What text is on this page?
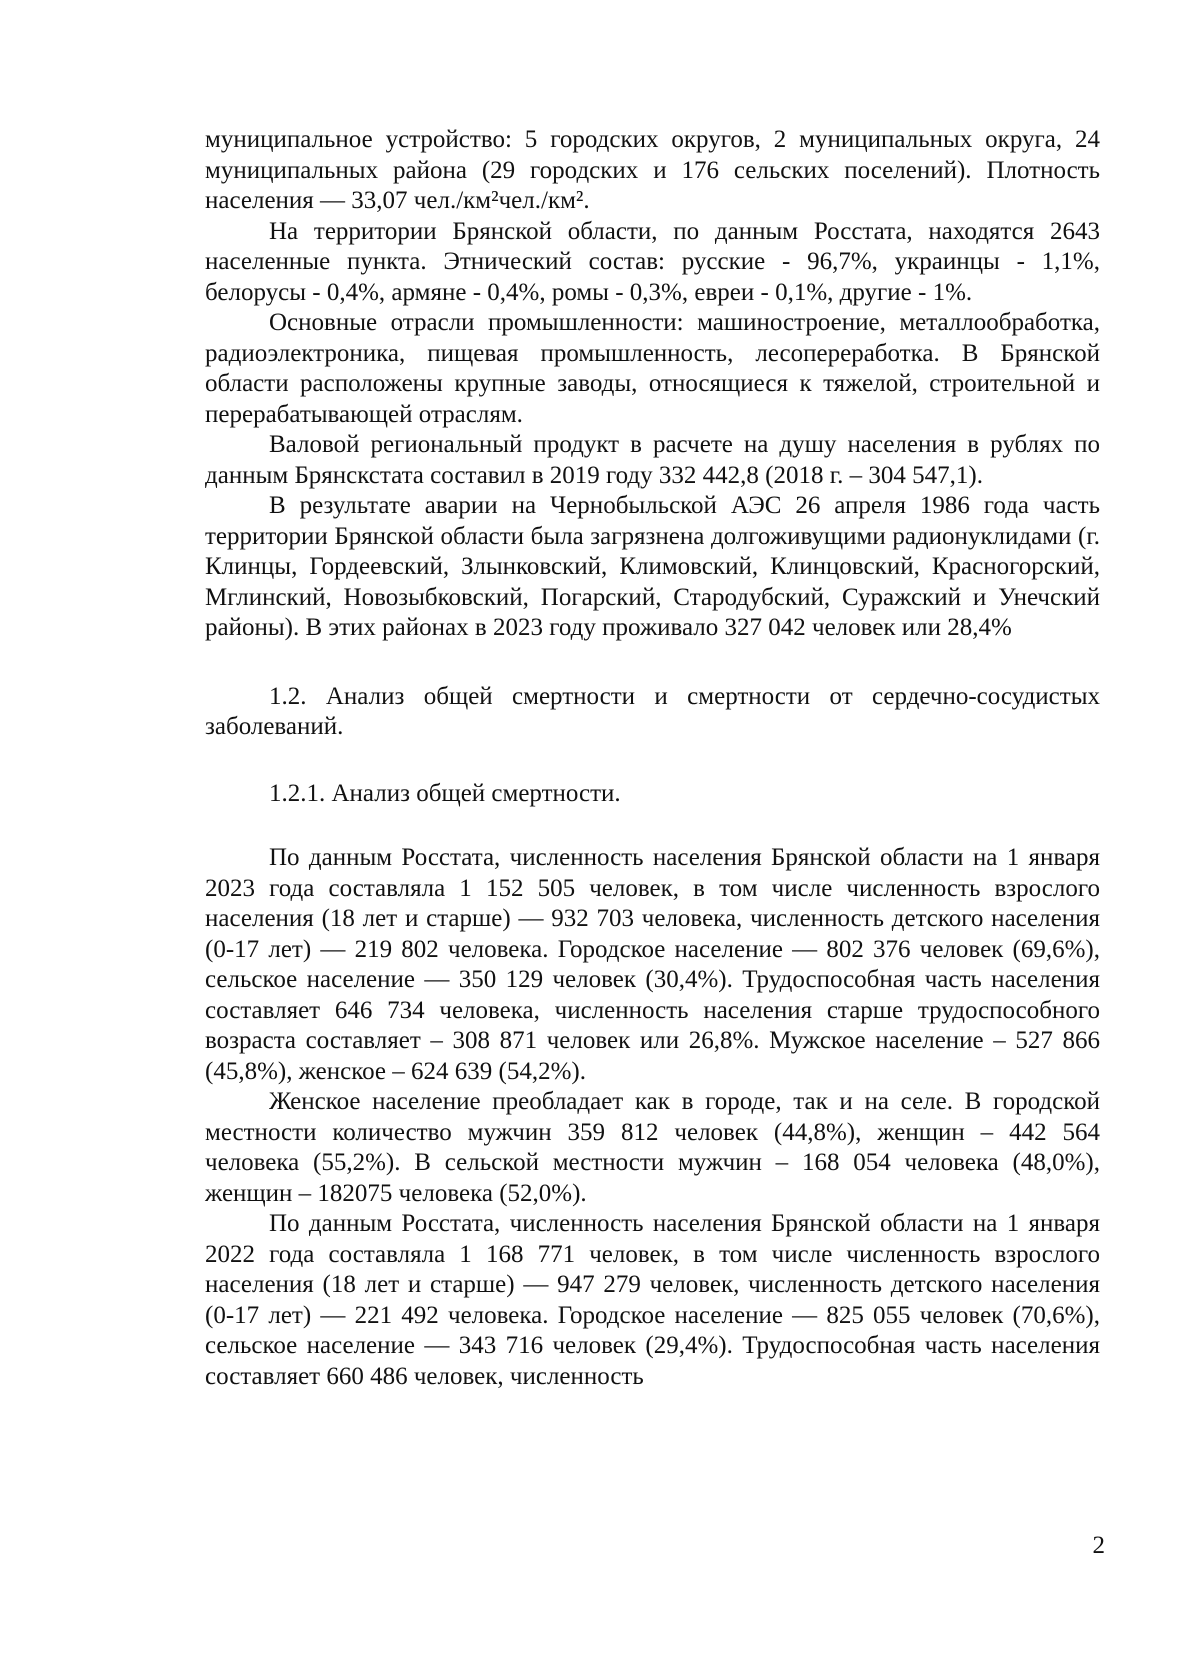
муниципальное устройство: 5 городских округов, 2 муниципальных округа, 24 муниципальных района (29 городских и 176 сельских поселений). Плотность населения — 33,07 чел./км²чел./км².

На территории Брянской области, по данным Росстата, находятся 2643 населенные пункта. Этнический состав: русские - 96,7%, украинцы - 1,1%, белорусы - 0,4%, армяне - 0,4%, ромы - 0,3%, евреи - 0,1%, другие - 1%.

Основные отрасли промышленности: машиностроение, металлообработка, радиоэлектроника, пищевая промышленность, лесопереработка. В Брянской области расположены крупные заводы, относящиеся к тяжелой, строительной и перерабатывающей отраслям.

Валовой региональный продукт в расчете на душу населения в рублях по данным Брянскстата составил в 2019 году 332 442,8 (2018 г. – 304 547,1).

В результате аварии на Чернобыльской АЭС 26 апреля 1986 года часть территории Брянской области была загрязнена долгоживущими радионуклидами (г. Клинцы, Гордеевский, Злынковский, Климовский, Клинцовский, Красногорский, Мглинский, Новозыбковский, Погарский, Стародубский, Суражский и Унечский районы). В этих районах в 2023 году проживало 327 042 человек или 28,4%

1.2. Анализ общей смертности и смертности от сердечно-сосудистых заболеваний.

1.2.1. Анализ общей смертности.

По данным Росстата, численность населения Брянской области на 1 января 2023 года составляла 1 152 505 человек, в том числе численность взрослого населения (18 лет и старше) — 932 703 человека, численность детского населения (0-17 лет) — 219 802 человека. Городское население — 802 376 человек (69,6%), сельское население — 350 129 человек (30,4%). Трудоспособная часть населения составляет 646 734 человека, численность населения старше трудоспособного возраста составляет – 308 871 человек или 26,8%. Мужское население – 527 866 (45,8%), женское – 624 639 (54,2%).

Женское население преобладает как в городе, так и на селе. В городской местности количество мужчин 359 812 человек (44,8%), женщин – 442 564 человека (55,2%). В сельской местности мужчин – 168 054 человека (48,0%), женщин – 182075 человека (52,0%).

По данным Росстата, численность населения Брянской области на 1 января 2022 года составляла 1 168 771 человек, в том числе численность взрослого населения (18 лет и старше) — 947 279 человек, численность детского населения (0-17 лет) — 221 492 человека. Городское население — 825 055 человек (70,6%), сельское население — 343 716 человек (29,4%). Трудоспособная часть населения составляет 660 486 человек, численность

2
